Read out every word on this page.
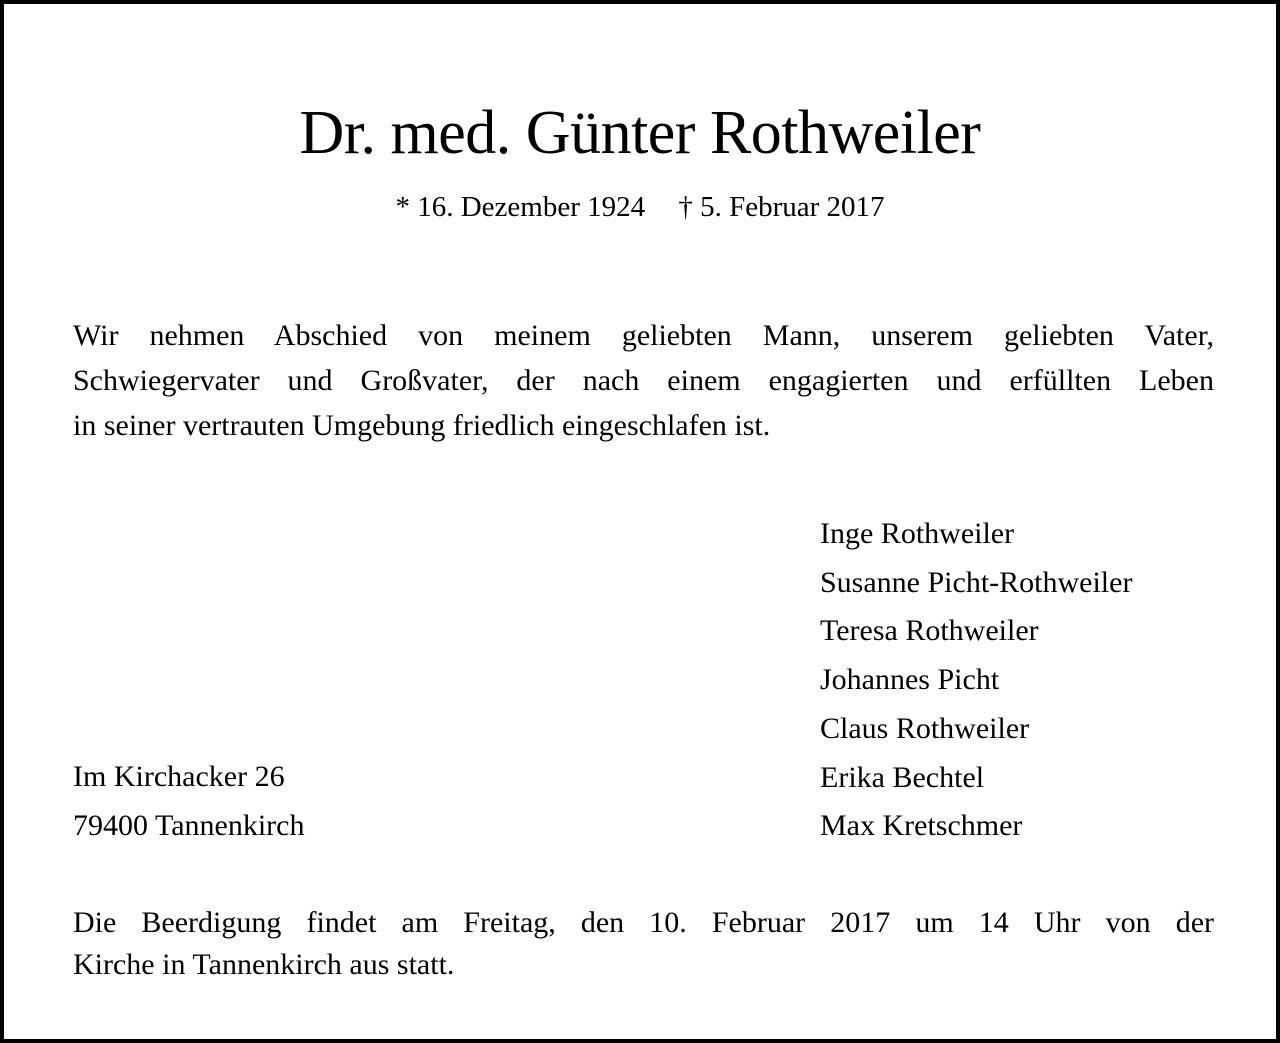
Dr. med. Günter Rothweiler
* 16. Dezember 1924 † 5. Februar 2017

Wir nehmen Abschied von meinem geliebten Mann, unserem geliebten Vater,
Schwiegervater und Großvater, der nach einem engagierten und erfüllten Leben
in seiner vertrauten Umgebung friedlich eingeschlafen ist.

Inge Rothweiler
Susanne Picht-Rothweiler
Teresa Rothweiler
Johannes Picht
Claus Rothweiler
Erika Bechtel
Max Kretschmer
Im Kirchacker 26
79400 Tannenkirch

Die Beerdigung findet am Freitag, den 10. Februar 2017 um 14 Uhr von der
Kirche in Tannenkirch aus statt.
